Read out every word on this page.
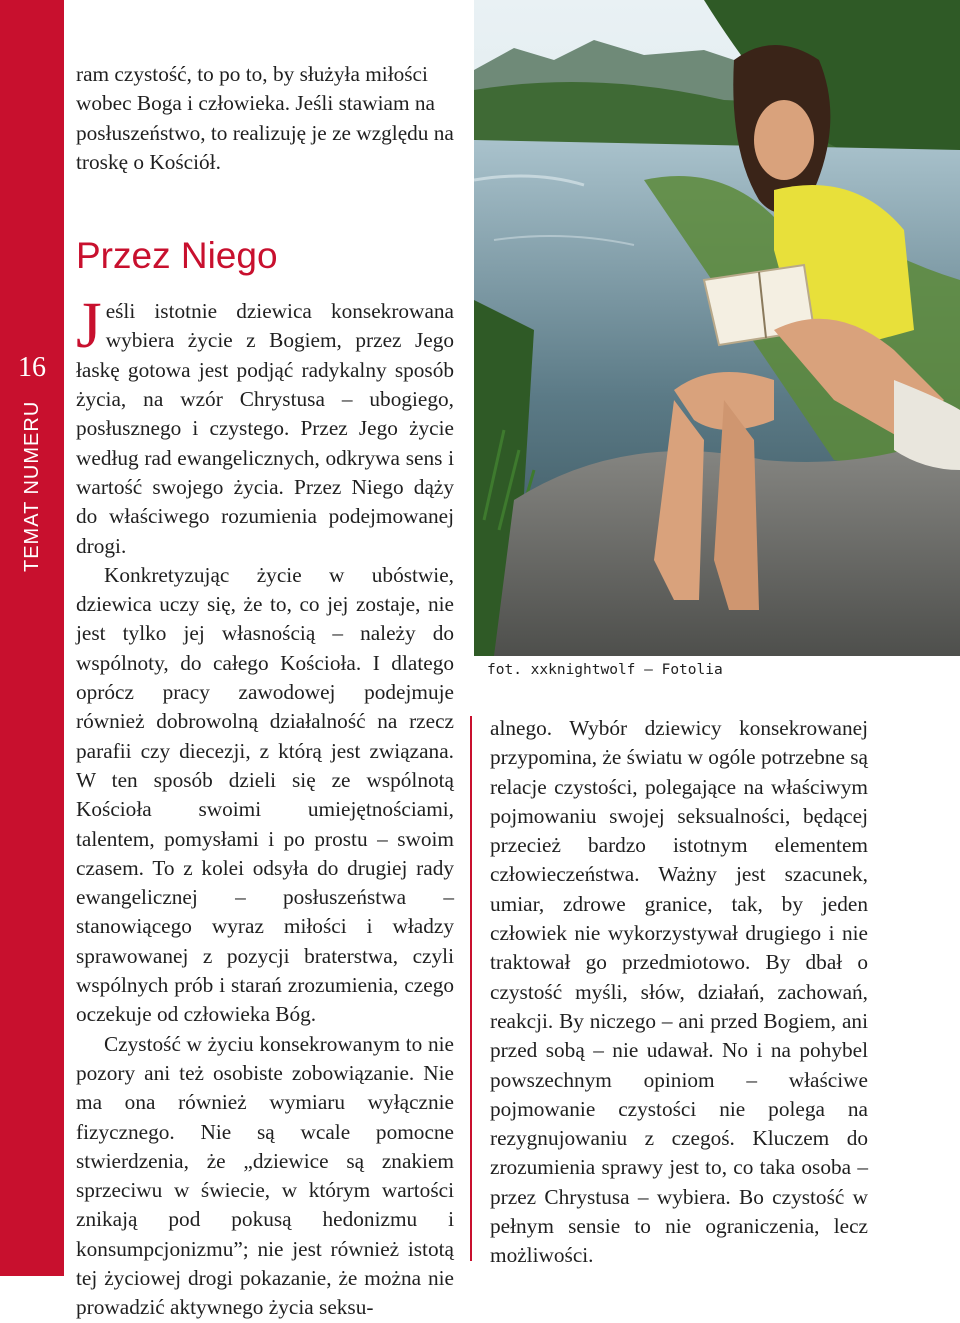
16
TEMAT NUMERU

ram czystość, to po to, by służyła miłości wobec Boga i człowieka. Jeśli stawiam na posłuszeństwo, to realizuję je ze względu na troskę o Kościół.

Przez Niego

Jeśli istotnie dziewica konsekrowana wybiera życie z Bogiem, przez Jego łaskę gotowa jest podjąć radykalny sposób życia, na wzór Chrystusa – ubogiego, posłusznego i czystego. Przez Jego życie według rad ewangelicznych, odkrywa sens i wartość swojego życia. Przez Niego dąży do właściwego rozumienia podejmowanej drogi.

Konkretyzując życie w ubóstwie, dziewica uczy się, że to, co jej zostaje, nie jest tylko jej własnością – należy do wspólnoty, do całego Kościoła. I dlatego oprócz pracy zawodowej podejmuje również dobrowolną działalność na rzecz parafii czy diecezji, z którą jest związana. W ten sposób dzieli się ze wspólnotą Kościoła swoimi umiejętnościami, talentem, pomysłami i po prostu – swoim czasem. To z kolei odsyła do drugiej rady ewangelicznej – posłuszeństwa – stanowiącego wyraz miłości i władzy sprawowanej z pozycji braterstwa, czyli wspólnych prób i starań zrozumienia, czego oczekuje od człowieka Bóg.

Czystość w życiu konsekrowanym to nie pozory ani też osobiste zobowiązanie. Nie ma ona również wymiaru wyłącznie fizycznego. Nie są wcale pomocne stwierdzenia, że „dziewice są znakiem sprzeciwu w świecie, w którym wartości znikają pod pokusą hedonizmu i konsumpcjonizmu”; nie jest również istotą tej życiowej drogi pokazanie, że można nie prowadzić aktywnego życia seksu-

fot. xxknightwolf – Fotolia

alnego. Wybór dziewicy konsekrowanej przypomina, że światu w ogóle potrzebne są relacje czystości, polegające na właściwym pojmowaniu swojej seksualności, będącej przecież bardzo istotnym elementem człowieczeństwa. Ważny jest szacunek, umiar, zdrowe granice, tak, by jeden człowiek nie wykorzystywał drugiego i nie traktował go przedmiotowo. By dbał o czystość myśli, słów, działań, zachowań, reakcji. By niczego – ani przed Bogiem, ani przed sobą – nie udawał. No i na pohybel powszechnym opiniom – właściwe pojmowanie czystości nie polega na rezygnujowaniu z czegoś. Kluczem do zrozumienia sprawy jest to, co taka osoba – przez Chrystusa – wybiera. Bo czystość w pełnym sensie to nie ograniczenia, lecz możliwości.
